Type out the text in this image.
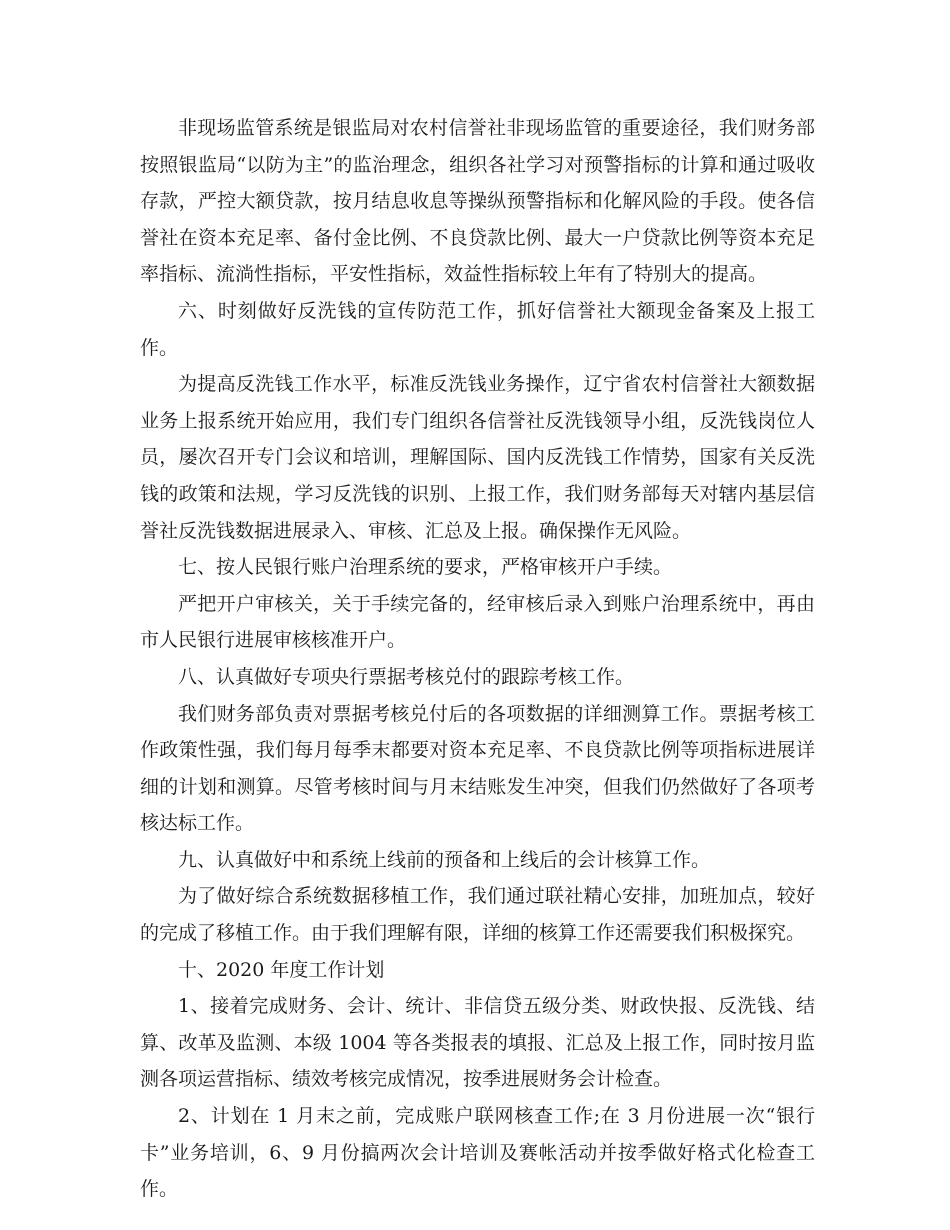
非现场监管系统是银监局对农村信誉社非现场监管的重要途径，我们财务部按照银监局“以防为主”的监治理念，组织各社学习对预警指标的计算和通过吸收存款，严控大额贷款，按月结息收息等操纵预警指标和化解风险的手段。使各信誉社在资本充足率、备付金比例、不良贷款比例、最大一户贷款比例等资本充足率指标、流淌性指标，平安性指标，效益性指标较上年有了特别大的提高。

六、时刻做好反洗钱的宣传防范工作，抓好信誉社大额现金备案及上报工作。

为提高反洗钱工作水平，标准反洗钱业务操作，辽宁省农村信誉社大额数据业务上报系统开始应用，我们专门组织各信誉社反洗钱领导小组，反洗钱岗位人员，屡次召开专门会议和培训，理解国际、国内反洗钱工作情势，国家有关反洗钱的政策和法规，学习反洗钱的识别、上报工作，我们财务部每天对辖内基层信誉社反洗钱数据进展录入、审核、汇总及上报。确保操作无风险。

七、按人民银行账户治理系统的要求，严格审核开户手续。

严把开户审核关，关于手续完备的，经审核后录入到账户治理系统中，再由市人民银行进展审核核准开户。

八、认真做好专项央行票据考核兑付的跟踪考核工作。

我们财务部负责对票据考核兑付后的各项数据的详细测算工作。票据考核工作政策性强，我们每月每季末都要对资本充足率、不良贷款比例等项指标进展详细的计划和测算。尽管考核时间与月末结账发生冲突，但我们仍然做好了各项考核达标工作。

九、认真做好中和系统上线前的预备和上线后的会计核算工作。

为了做好综合系统数据移植工作，我们通过联社精心安排，加班加点，较好的完成了移植工作。由于我们理解有限，详细的核算工作还需要我们积极探究。

十、2020 年度工作计划

1、接着完成财务、会计、统计、非信贷五级分类、财政快报、反洗钱、结算、改革及监测、本级 1004 等各类报表的填报、汇总及上报工作，同时按月监测各项运营指标、绩效考核完成情况，按季进展财务会计检查。

2、计划在 1 月末之前，完成账户联网核查工作;在 3 月份进展一次“银行卡”业务培训，6、9 月份搞两次会计培训及赛帐活动并按季做好格式化检查工作。
